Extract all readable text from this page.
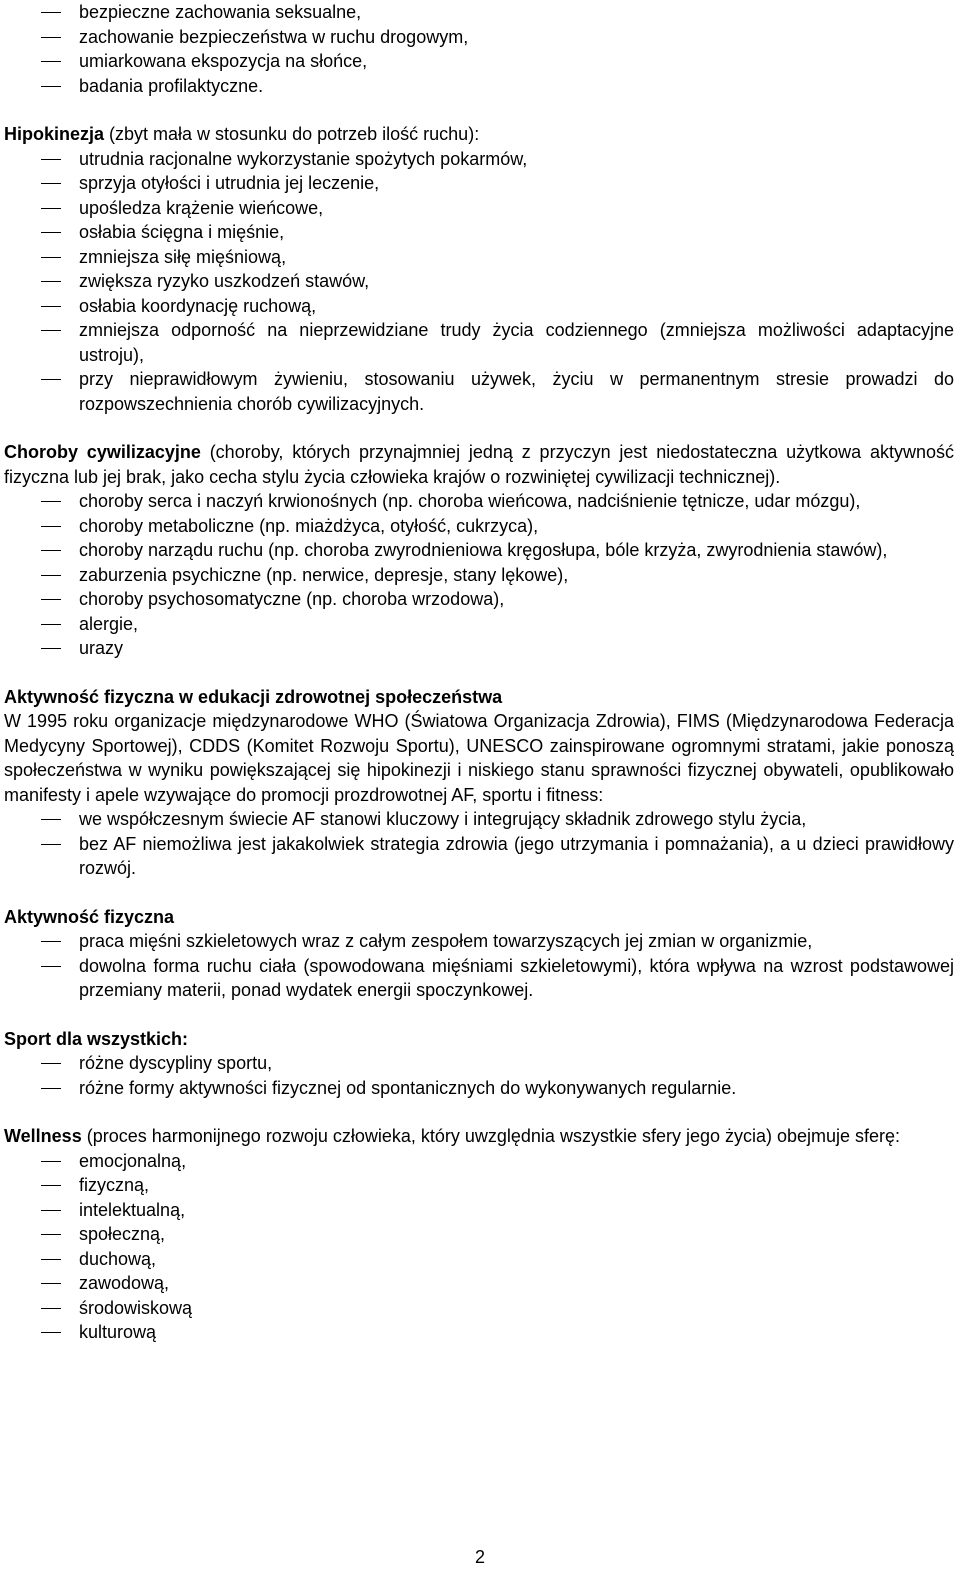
bezpieczne zachowania seksualne,
zachowanie bezpieczeństwa w ruchu drogowym,
umiarkowana ekspozycja na słońce,
badania profilaktyczne.

Hipokinezja (zbyt mała w stosunku do potrzeb ilość ruchu):

utrudnia racjonalne wykorzystanie spożytych pokarmów,
sprzyja otyłości i utrudnia jej leczenie,
upośledza krążenie wieńcowe,
osłabia ścięgna i mięśnie,
zmniejsza siłę mięśniową,
zwiększa ryzyko uszkodzeń stawów,
osłabia koordynację ruchową,
zmniejsza odporność na nieprzewidziane trudy życia codziennego (zmniejsza możliwości adaptacyjne ustroju),
przy nieprawidłowym żywieniu, stosowaniu używek, życiu w permanentnym stresie prowadzi do rozpowszechnienia chorób cywilizacyjnych.

Choroby cywilizacyjne (choroby, których przynajmniej jedną z przyczyn jest niedostateczna użytkowa aktywność fizyczna lub jej brak, jako cecha stylu życia człowieka krajów o rozwiniętej cywilizacji technicznej).

choroby serca i naczyń krwionośnych (np. choroba wieńcowa, nadciśnienie tętnicze, udar mózgu),
choroby metaboliczne (np. miażdżyca, otyłość, cukrzyca),
choroby narządu ruchu (np. choroba zwyrodnieniowa kręgosłupa, bóle krzyża, zwyrodnienia stawów),
zaburzenia psychiczne (np. nerwice, depresje, stany lękowe),
choroby psychosomatyczne (np. choroba wrzodowa),
alergie,
urazy

Aktywność fizyczna w edukacji zdrowotnej społeczeństwa

W 1995 roku organizacje międzynarodowe WHO (Światowa Organizacja Zdrowia), FIMS (Międzynarodowa Federacja Medycyny Sportowej), CDDS (Komitet Rozwoju Sportu), UNESCO zainspirowane ogromnymi stratami, jakie ponoszą społeczeństwa w wyniku powiększającej się hipokinezji i niskiego stanu sprawności fizycznej obywateli, opublikowało manifesty i apele wzywające do promocji prozdrowotnej AF, sportu i fitness:

we współczesnym świecie AF stanowi kluczowy i integrujący składnik zdrowego stylu życia,
bez AF niemożliwa jest jakakolwiek strategia zdrowia (jego utrzymania i pomnażania), a u dzieci prawidłowy rozwój.

Aktywność fizyczna

praca mięśni szkieletowych wraz z całym zespołem towarzyszących jej zmian w organizmie,
dowolna forma ruchu ciała (spowodowana mięśniami szkieletowymi), która wpływa na wzrost podstawowej przemiany materii, ponad wydatek energii spoczynkowej.

Sport dla wszystkich:

różne dyscypliny sportu,
różne formy aktywności fizycznej od spontanicznych do wykonywanych regularnie.

Wellness (proces harmonijnego rozwoju człowieka, który uwzględnia wszystkie sfery jego życia) obejmuje sferę:

emocjonalną,
fizyczną,
intelektualną,
społeczną,
duchową,
zawodową,
środowiskową
kulturową
2
